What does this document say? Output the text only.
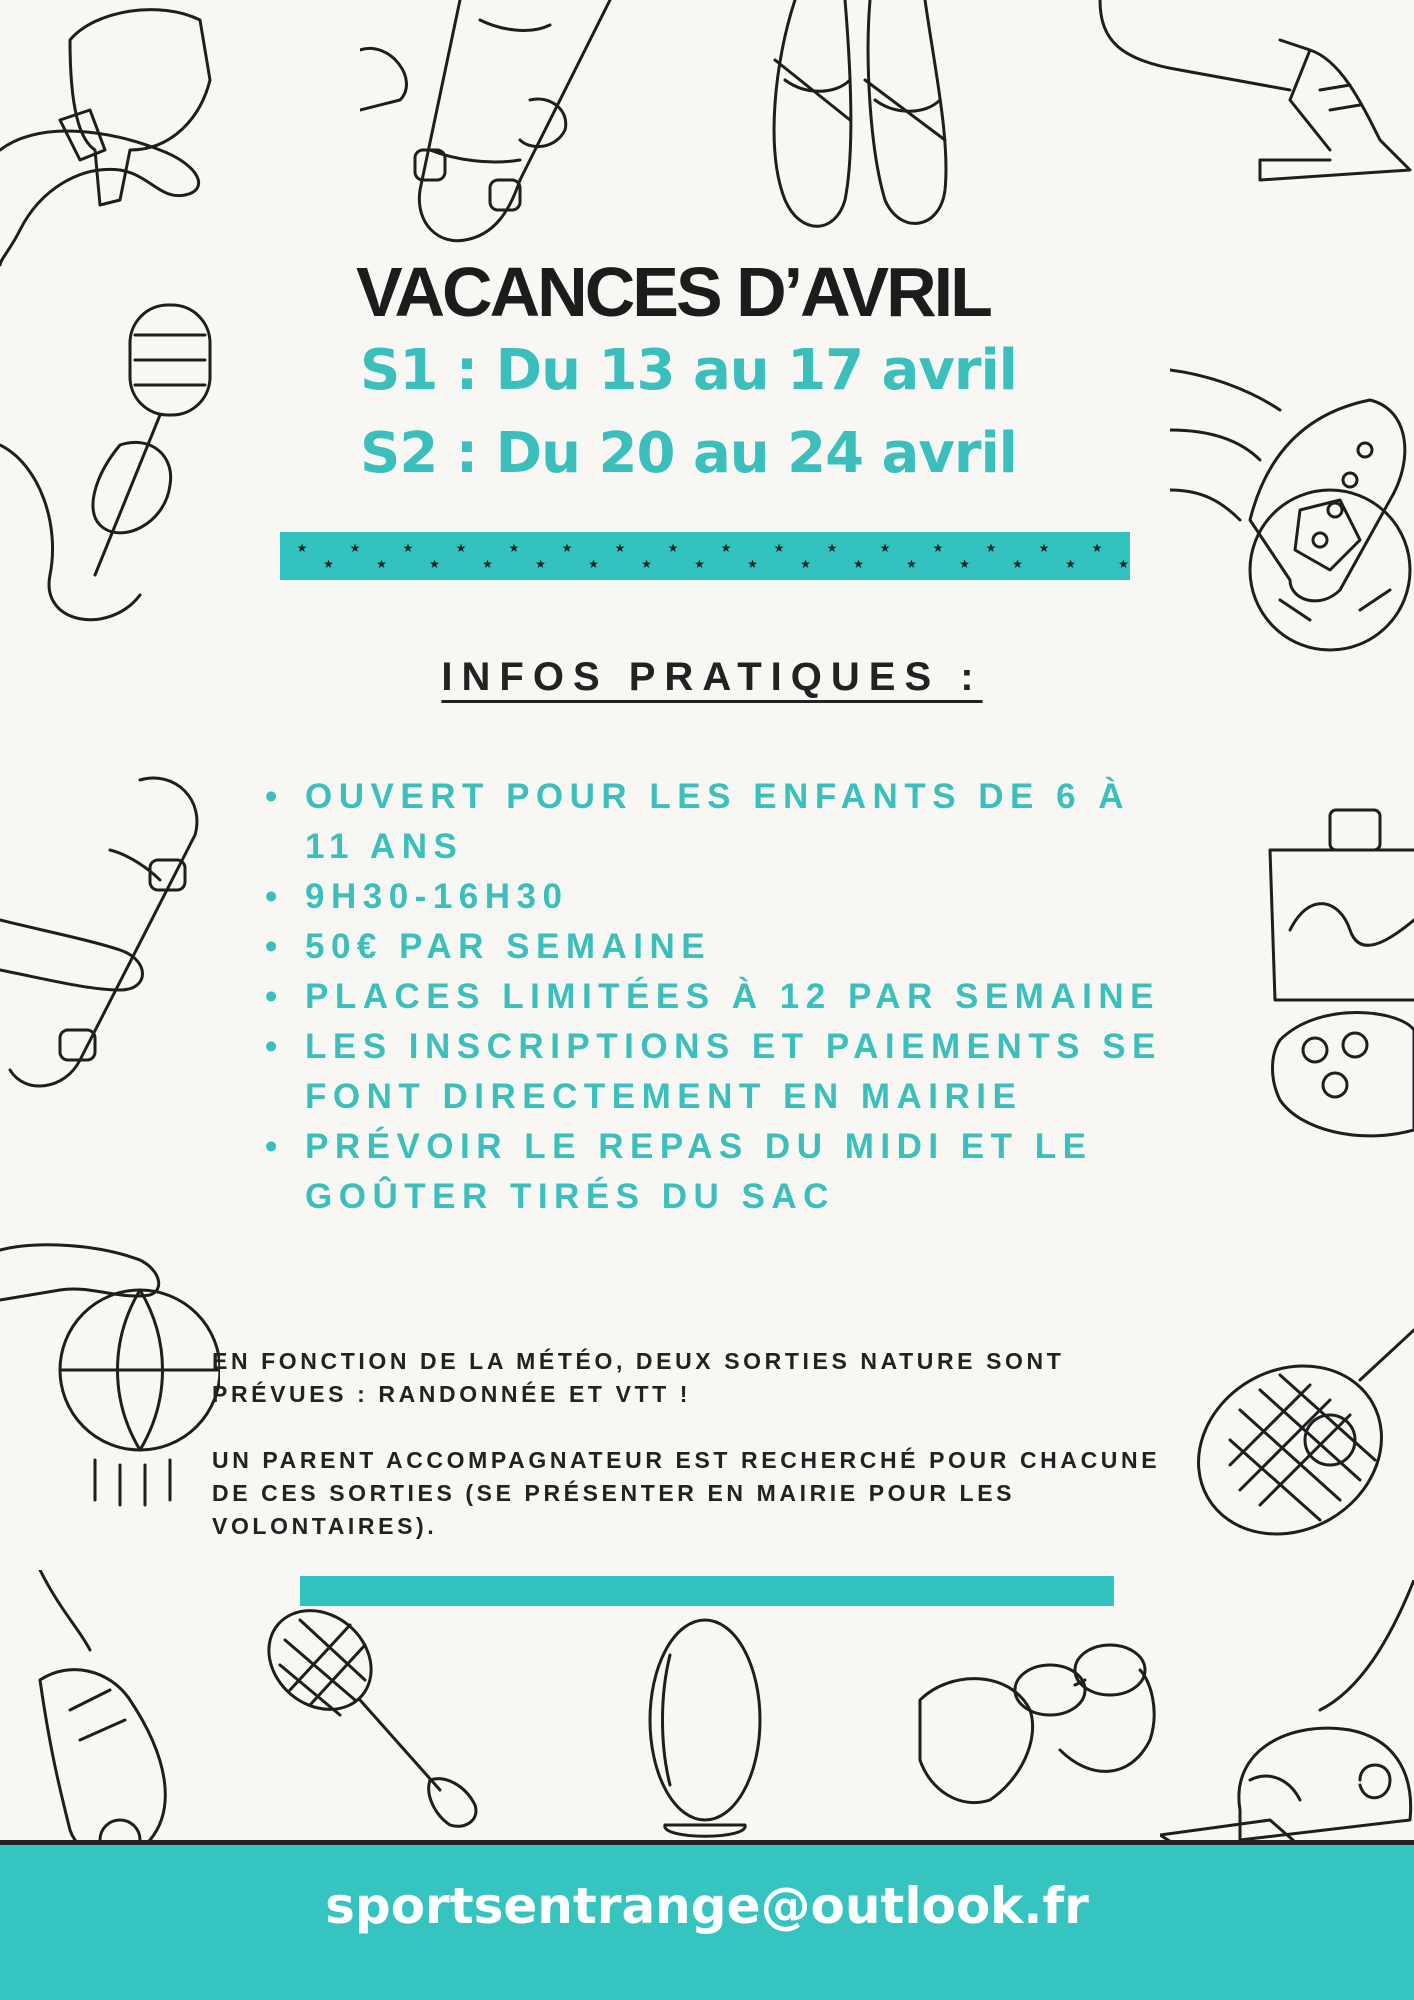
VACANCES D’AVRIL

S1 : Du 13 au 17 avril

S2 : Du 20 au 24 avril

★
★
★
★
★
★
★
★
★
★
★
★
★
★
★
★
★
★
★
★
★
★
★
★
★
★
★
★
★
★
★
★
INFOS PRATIQUES :
• OUVERT POUR LES ENFANTS DE 6 À 11 ANS
• 9H30-16H30
• 50€ PAR SEMAINE
• PLACES LIMITÉES À 12 PAR SEMAINE
• LES INSCRIPTIONS ET PAIEMENTS SE FONT DIRECTEMENT EN MAIRIE
• PRÉVOIR LE REPAS DU MIDI ET LE GOÛTER TIRÉS DU SAC

EN FONCTION DE LA MÉTÉO, DEUX SORTIES NATURE SONT PRÉVUES : RANDONNÉE ET VTT !

UN PARENT ACCOMPAGNATEUR EST RECHERCHÉ POUR CHACUNE DE CES SORTIES (SE PRÉSENTER EN MAIRIE POUR LES VOLONTAIRES).

sportsentrange@outlook.fr
